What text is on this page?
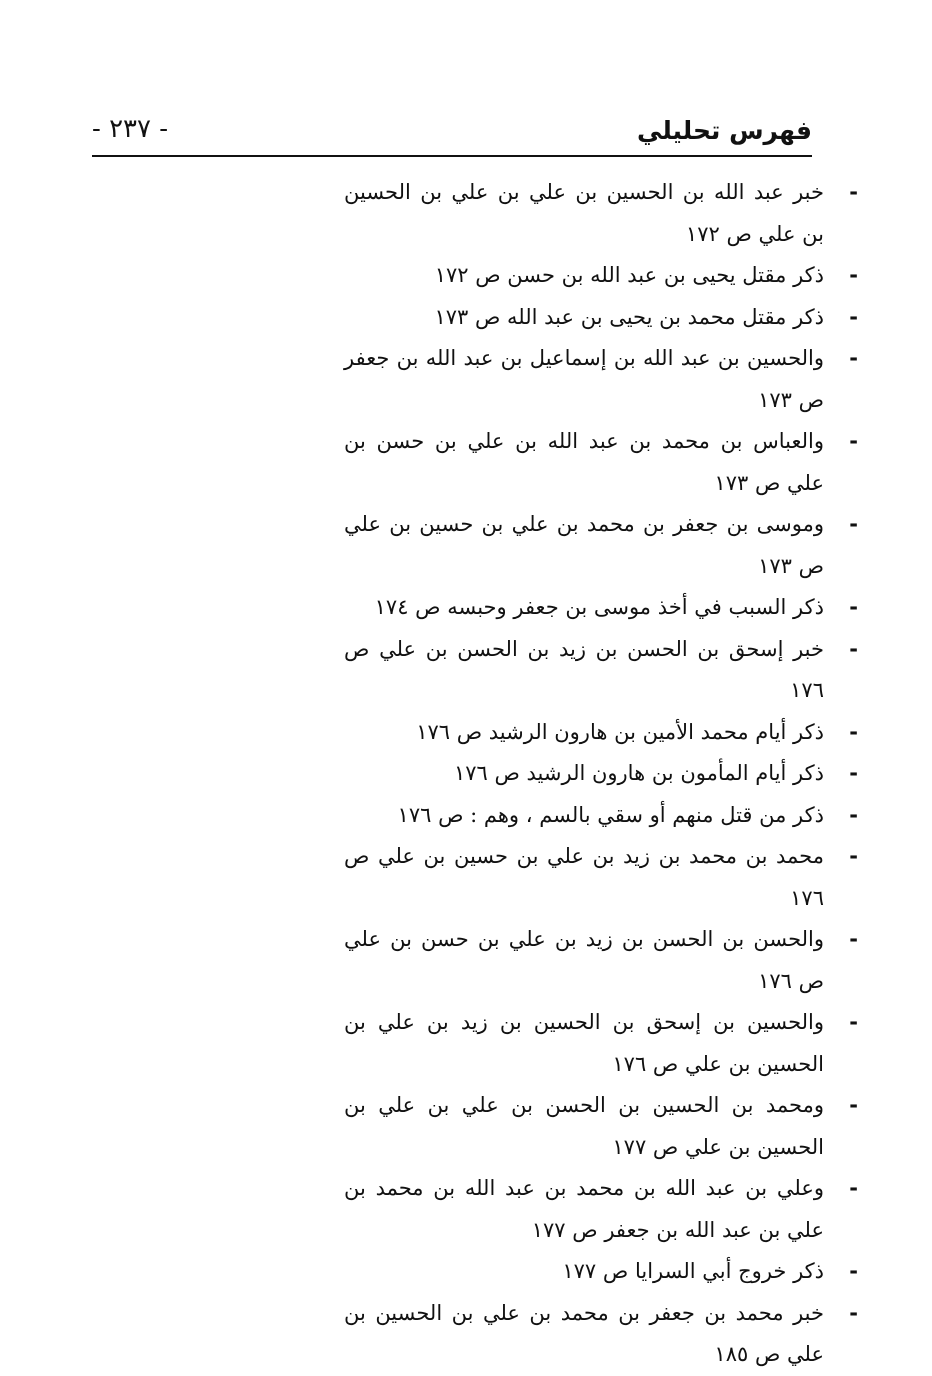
فهرس تحليلي
- ٢٣٧ -
-
خبر عبد الله بن الحسين بن علي بن علي بن الحسين بن علي ص ١٧٢
-
ذكر مقتل يحيى بن عبد الله بن حسن ص ١٧٢
-
ذكر مقتل محمد بن يحيى بن عبد الله ص ١٧٣
-
والحسين بن عبد الله بن إسماعيل بن عبد الله بن جعفر ص ١٧٣
-
والعباس بن محمد بن عبد الله بن علي بن حسن بن علي ص ١٧٣
-
وموسى بن جعفر بن محمد بن علي بن حسين بن علي ص ١٧٣
-
ذكر السبب في أخذ موسى بن جعفر وحبسه ص ١٧٤
-
خبر إسحق بن الحسن بن زيد بن الحسن بن علي ص ١٧٦
-
ذكر أيام محمد الأمين بن هارون الرشيد ص ١٧٦
-
ذكر أيام المأمون بن هارون الرشيد ص ١٧٦
-
ذكر من قتل منهم أو سقي بالسم ، وهم : ص ١٧٦
-
محمد بن محمد بن زيد بن علي بن حسين بن علي ص ١٧٦
-
والحسن بن الحسن بن زيد بن علي بن حسن بن علي ص ١٧٦
-
والحسين بن إسحق بن الحسين بن زيد بن علي بن الحسين بن علي ص ١٧٦
-
ومحمد بن الحسين بن الحسن بن علي بن علي بن الحسين بن علي ص ١٧٧
-
وعلي بن عبد الله بن محمد بن عبد الله بن محمد بن علي بن عبد الله بن جعفر ص ١٧٧
-
ذكر خروج أبي السرايا ص ١٧٧
-
خبر محمد بن جعفر بن محمد بن علي بن الحسين بن علي ص ١٨٥
